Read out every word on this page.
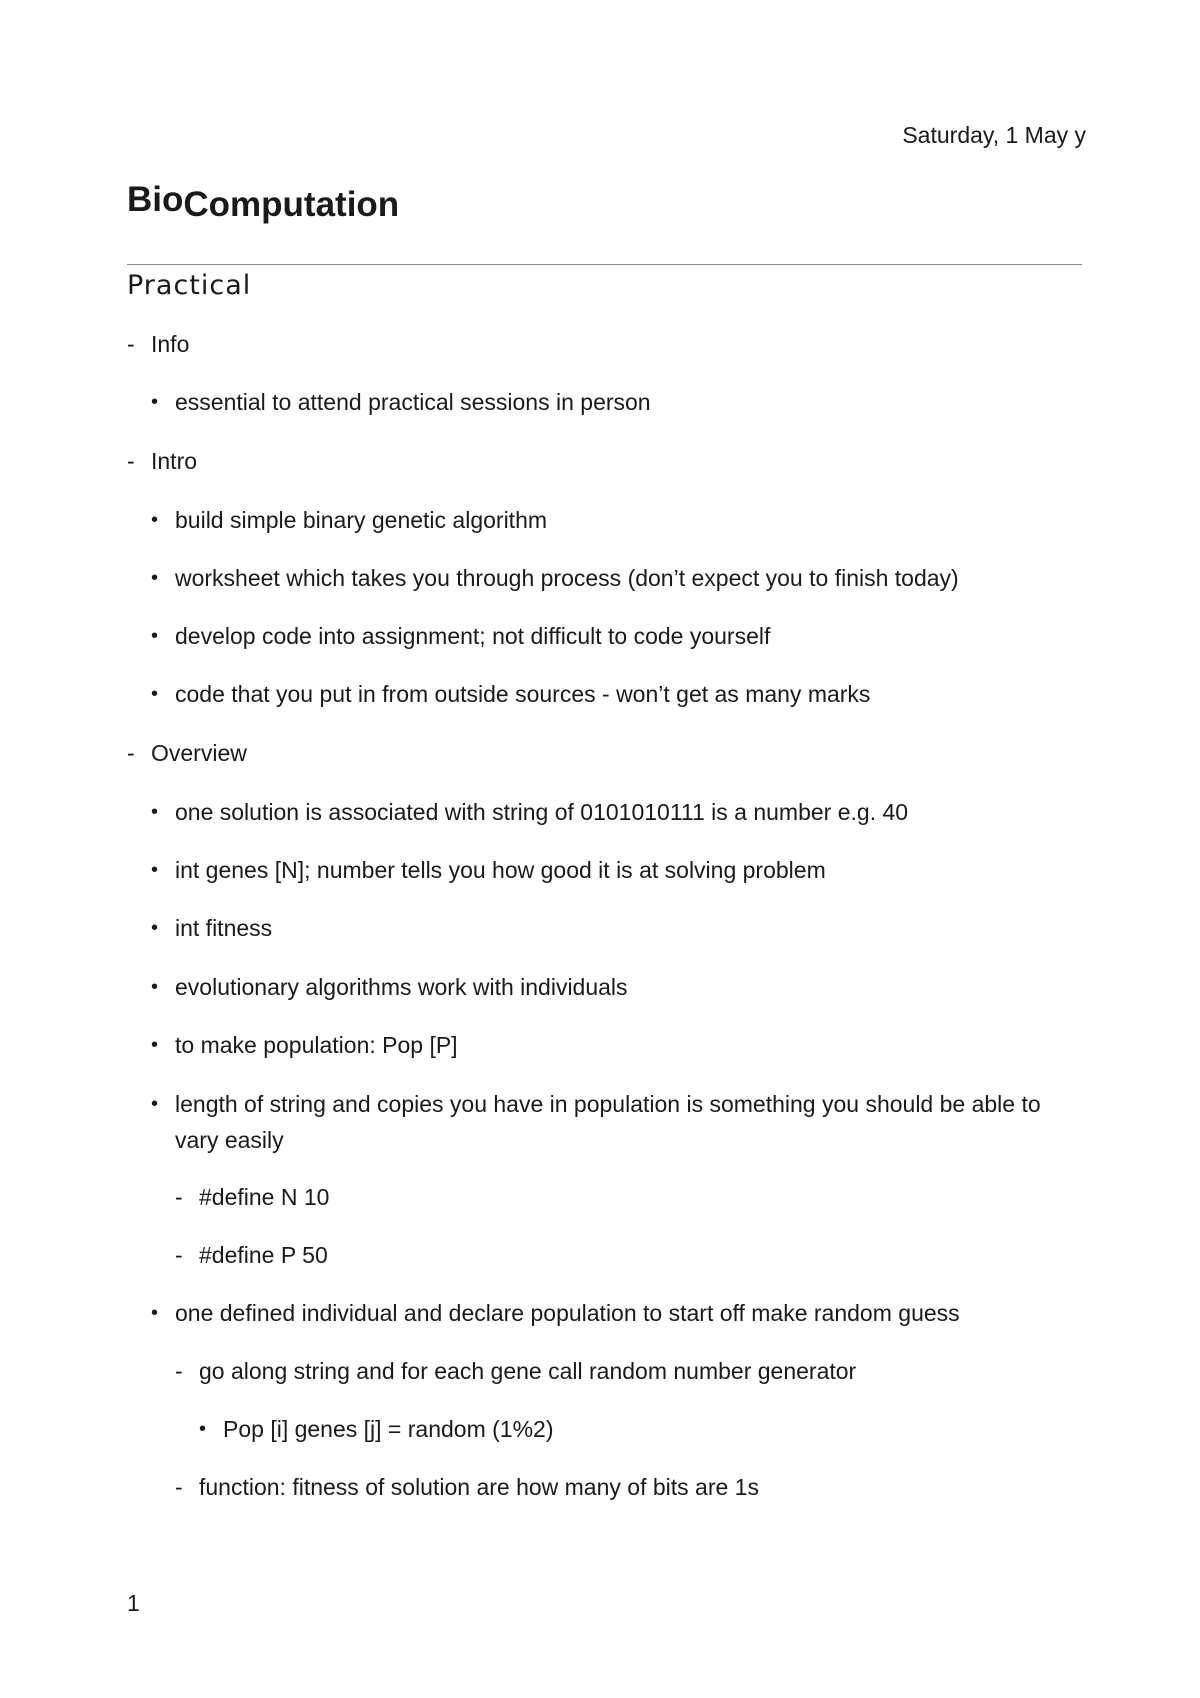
Saturday, 1 May y
BioComputation
Practical
- Info
• essential to attend practical sessions in person
- Intro
• build simple binary genetic algorithm
• worksheet which takes you through process (don’t expect you to finish today)
• develop code into assignment; not difficult to code yourself
• code that you put in from outside sources - won’t get as many marks
- Overview
• one solution is associated with string of 0101010111 is a number e.g. 40
• int genes [N]; number tells you how good it is at solving problem
• int fitness
• evolutionary algorithms work with individuals
• to make population: Pop [P]
• length of string and copies you have in population is something you should be able to vary easily
- #define N 10
- #define P 50
• one defined individual and declare population to start off make random guess
- go along string and for each gene call random number generator
• Pop [i] genes [j] = random (1%2)
- function: fitness of solution are how many of bits are 1s
1
